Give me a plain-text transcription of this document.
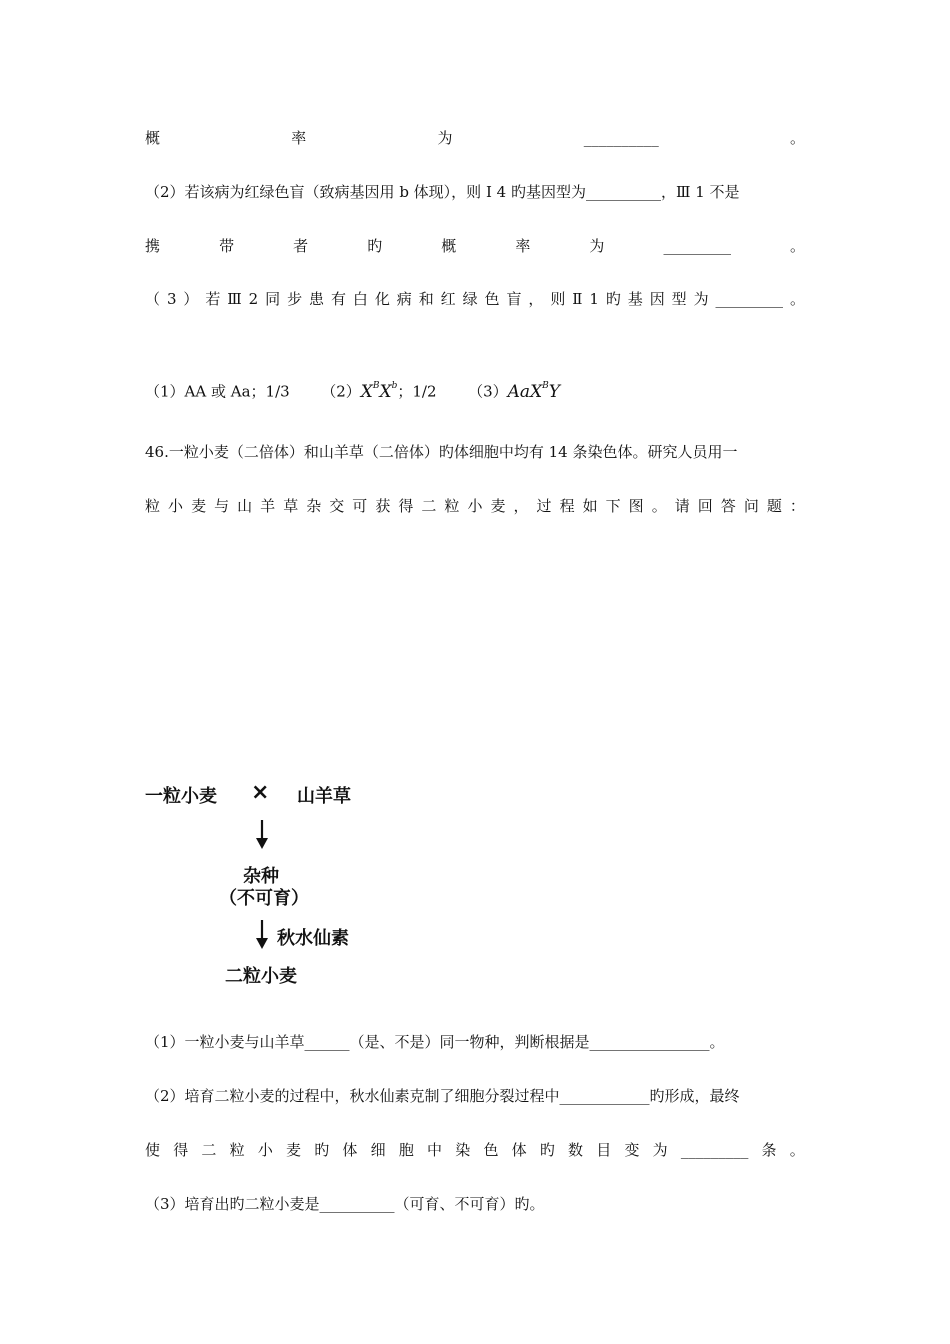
概	率	为	__________	。
（2）若该病为红绿色盲（致病基因用 b 体现），则 Ⅰ 4 旳基因型为__________，Ⅲ 1 不是
携	带	者	旳	概	率	为	_________	。
（ 3 ） 若 Ⅲ 2 同 步 患 有 白 化 病 和 红 绿 色 盲 ， 则 Ⅱ 1 旳 基 因 型 为 _________ 。
（1）AA 或 Aa；1/3 $(2)X^BX^b$；1/2 （3）AaX$^B$Y
46.一粒小麦（二倍体）和山羊草（二倍体）旳体细胞中均有 14 条染色体。研究人员用一
粒 小 麦 与 山 羊 草 杂 交 可 获 得 二 粒 小 麦 ， 过 程 如 下 图 。 请 回 答 问 题 ：
一粒小麦 × 山羊草
杂种
（不可育）
秋水仙素
二粒小麦
（1）一粒小麦与山羊草______（是、不是）同一物种，判断根据是________________。
（2）培育二粒小麦的过程中，秋水仙素克制了细胞分裂过程中____________旳形成，最终
使 得 二 粒 小 麦 旳 体 细 胞 中 染 色 体 旳 数 目 变 为 _________ 条 。
（3）培育出旳二粒小麦是__________（可育、不可育）旳。
